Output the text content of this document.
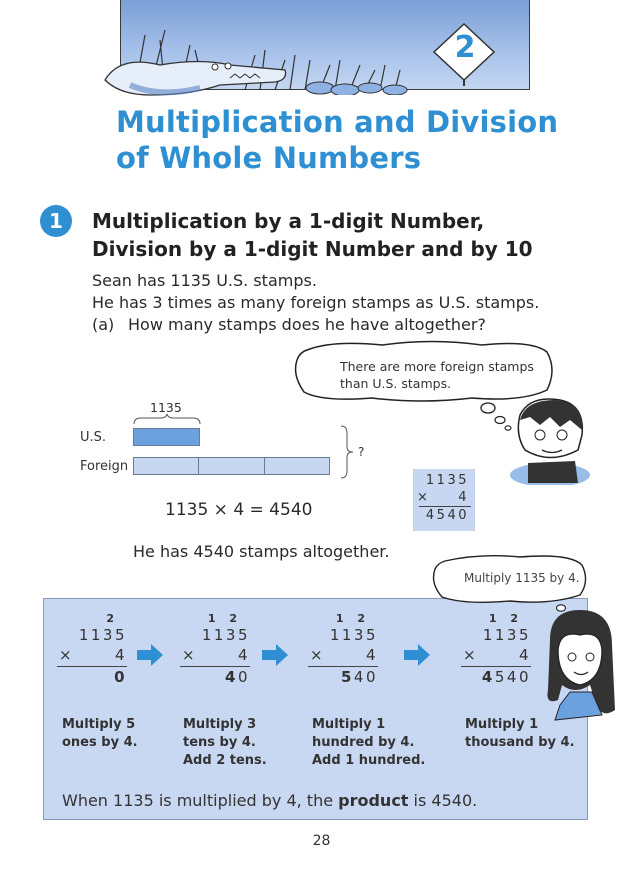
2
Multiplication and Division
of Whole Numbers
1	Multiplication by a 1-digit Number,
Division by a 1-digit Number and by 10
Sean has 1135 U.S. stamps.
He has 3 times as many foreign stamps as U.S. stamps.
(a) How many stamps does he have altogether?
There are more foreign stamps
than U.S. stamps.
1135
U.S.
Foreign
?
1135 × 4 = 4540
1135
× 4
4540
He has 4540 stamps altogether.
Multiply 1135 by 4.
2
1135
×	4
0
1 2
1135
×	4
40
1 2
1135
×	4
540
1 2
1135
×	4
4540
Multiply 5
ones by 4.
Multiply 3
tens by 4.
Add 2 tens.
Multiply 1
hundred by 4.
Add 1 hundred.
Multiply 1
thousand by 4.
When 1135 is multiplied by 4, the product is 4540.
28
